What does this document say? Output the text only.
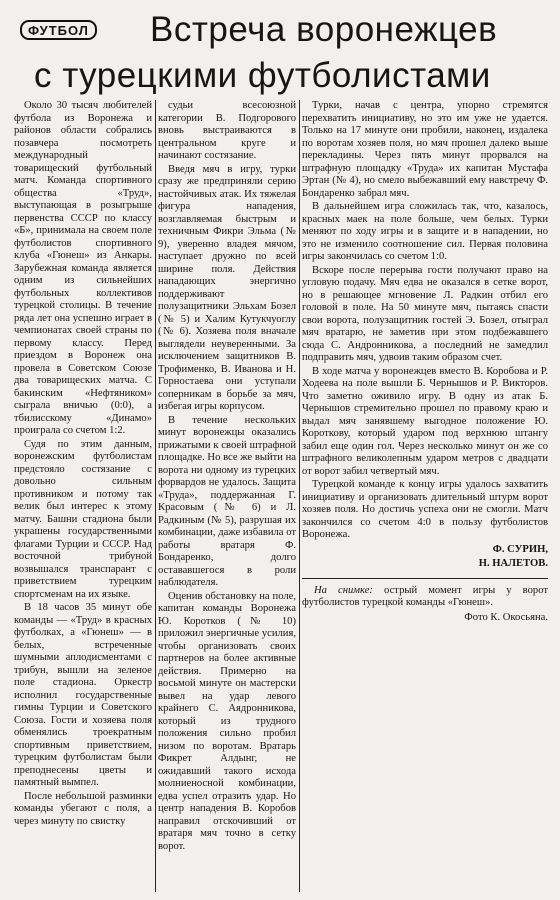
ФУТБОЛ Встреча воронежцев
с турецкими футболистами

Около 30 тысяч любителей футбола из Воронежа и районов области собрались позавчера посмотреть международный товарищеский футбольный матч. Команда спортивного общества «Труд», выступающая в розыгрыше первенства СССР по классу «Б», принимала на своем поле футболистов спортивного клуба «Гюнеш» из Анкары. Зарубежная команда является одним из сильнейших футбольных коллективов турецкой столицы. В течение ряда лет она успешно играет в чемпионатах своей страны по первому классу. Перед приездом в Воронеж она провела в Советском Союзе два товарищеских матча. С бакинским «Нефтяником» сыграла вничью (0:0), а тбилисскому «Динамо» проиграла со счетом 1:2.

Судя по этим данным, воронежским футболистам предстояло состязание с довольно сильным противником и потому так велик был интерес к этому матчу. Башни стадиона были украшены государственными флагами Турции и СССР. Над восточной трибуной возвышался транспарант с приветствием турецким спортсменам на их языке.

В 18 часов 35 минут обе команды — «Труд» в красных футболках, а «Гюнеш» — в белых, встреченные шумными аплодисментами с трибун, вышли на зеленое поле стадиона. Оркестр исполнил государственные гимны Турции и Советского Союза. Гости и хозяева поля обменялись троекратным спортивным приветствием, турецким футболистам были преподнесены цветы и памятный вымпел.

После небольшой разминки команды убегают с поля, а через минуту по свистку

судьи всесоюзной категории В. Подгорового вновь выстраиваются в центральном круге и начинают состязание.

Введя мяч в игру, турки сразу же предприняли серию настойчивых атак. Их тяжелая фигура нападения, возглавляемая быстрым и техничным Фикри Эльма (№ 9), уверенно владея мячом, наступает дружно по всей ширине поля. Действия нападающих энергично поддерживают полузащитники Эльхам Бозел (№ 5) и Халим Кутукчуоглу (№ 6). Хозяева поля вначале выглядели неуверенными. За исключением защитников В. Трофименко, В. Иванова и Н. Горностаева они уступали соперникам в борьбе за мяч, избегая игры корпусом.

В течение нескольких минут воронежцы оказались прижатыми к своей штрафной площадке. Но все же выйти на ворота ни одному из турецких форвардов не удалось. Защита «Труда», поддержанная Г. Красовым (№ 6) и Л. Радкиным (№ 5), разрушая их комбинации, даже избавила от работы вратаря Ф. Бондаренко, долго остававшегося в роли наблюдателя.

Оценив обстановку на поле, капитан команды Воронежа Ю. Коротков (№ 10) приложил энергичные усилия, чтобы организовать своих партнеров на более активные действия. Примерно на восьмой минуте он мастерски вывел на удар левого крайнего С. Аядронникова, который из трудного положения сильно пробил низом по воротам. Вратарь Фикрет Алдынг, не ожидавший такого исхода молниеносной комбинации, едва успел отразить удар. Но центр нападения В. Коробов направил отскочивший от вратаря мяч точно в сетку ворот.

Турки, начав с центра, упорно стремятся перехватить инициативу, но это им уже не удается. Только на 17 минуте они пробили, наконец, издалека по воротам хозяев поля, но мяч прошел далеко выше перекладины. Через пять минут прорвался на штрафную площадку «Труда» их капитан Мустафа Эртан (№ 4), но смело выбежавший ему навстречу Ф. Бондаренко забрал мяч.

В дальнейшем игра сложилась так, что, казалось, красных маек на поле больше, чем белых. Турки меняют по ходу игры и в защите и в нападении, но это не изменило соотношение сил. Первая половина игры закончилась со счетом 1:0.

Вскоре после перерыва гости получают право на угловую подачу. Мяч едва не оказался в сетке ворот, но в решающее мгновение Л. Радкин отбил его головой в поле. На 50 минуте мяч, пытаясь спасти свои ворота, полузащитник гостей Э. Бозел, отыграл мяч вратарю, не заметив при этом подбежавшего сюда С. Андронникова, а последний не замедлил подправить мяч, удвоив таким образом счет.

В ходе матча у воронежцев вместо В. Коробова и Р. Ходеева на поле вышли Б. Чернышов и Р. Викторов. Что заметно оживило игру. В одну из атак Б. Чернышов стремительно прошел по правому краю и выдал мяч занявшему выгодное положение Ю. Короткову, который ударом под верхнюю штангу забил еще один гол. Через несколько минут он же со штрафного великолепным ударом метров с двадцати от ворот забил четвертый мяч.

Турецкой команде к концу игры удалось захватить инициативу и организовать длительный штурм ворот хозяев поля. Но достичь успеха они не смогли. Матч закончился со счетом 4:0 в пользу футболистов Воронежа.

Ф. СУРИН,

Н. НАЛЕТОВ.

На снимке: острый момент игры у ворот футболистов турецкой команды «Гюнеш».
Фото К. Окосьяна.
